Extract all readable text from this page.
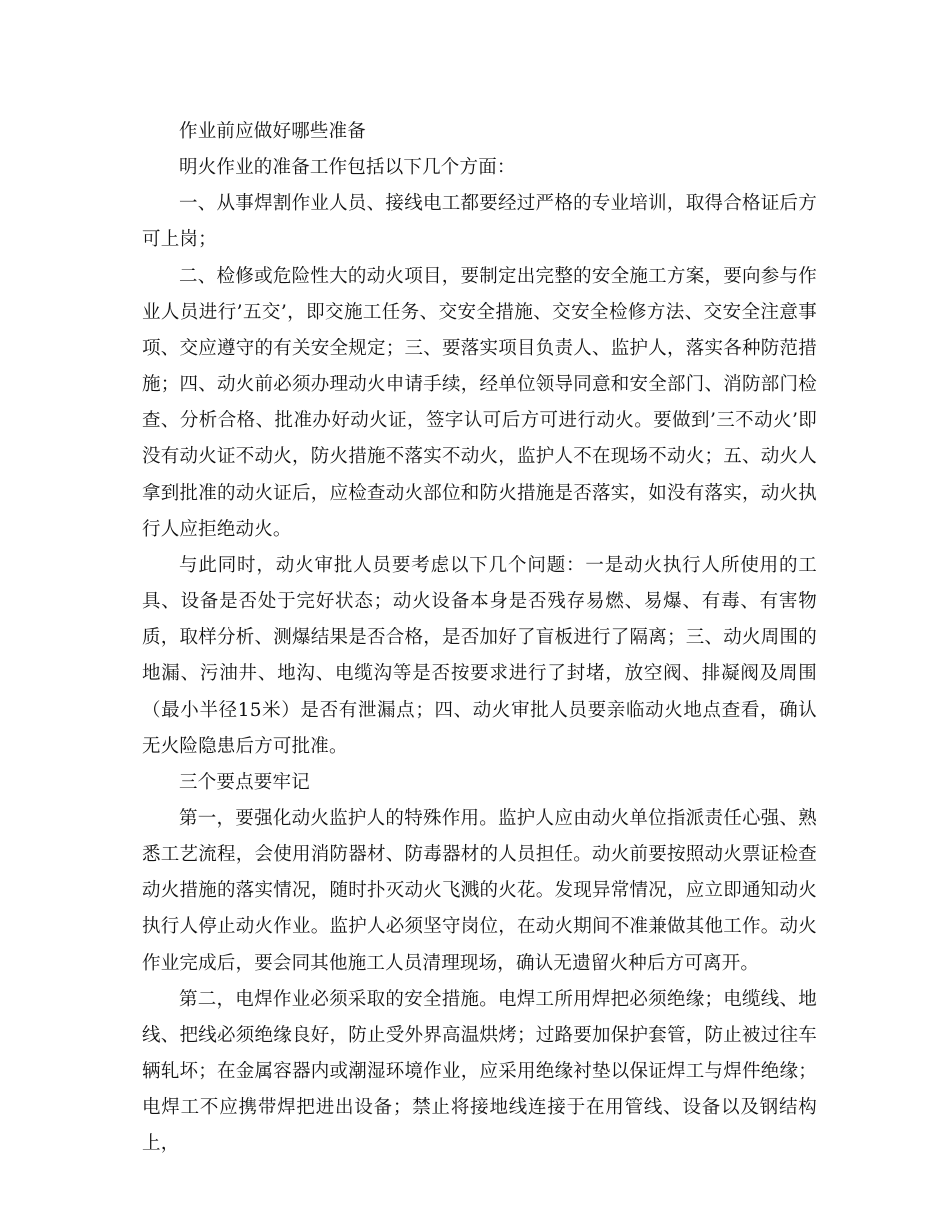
作业前应做好哪些准备

明火作业的准备工作包括以下几个方面：

一、从事焊割作业人员、接线电工都要经过严格的专业培训，取得合格证后方可上岗；

二、检修或危险性大的动火项目，要制定出完整的安全施工方案，要向参与作业人员进行’五交’，即交施工任务、交安全措施、交安全检修方法、交安全注意事项、交应遵守的有关安全规定；三、要落实项目负责人、监护人，落实各种防范措施；四、动火前必须办理动火申请手续，经单位领导同意和安全部门、消防部门检查、分析合格、批准办好动火证，签字认可后方可进行动火。要做到’三不动火’即没有动火证不动火，防火措施不落实不动火，监护人不在现场不动火；五、动火人拿到批准的动火证后，应检查动火部位和防火措施是否落实，如没有落实，动火执行人应拒绝动火。

与此同时，动火审批人员要考虑以下几个问题：一是动火执行人所使用的工具、设备是否处于完好状态；动火设备本身是否残存易燃、易爆、有毒、有害物质，取样分析、测爆结果是否合格，是否加好了盲板进行了隔离；三、动火周围的地漏、污油井、地沟、电缆沟等是否按要求进行了封堵，放空阀、排凝阀及周围（最小半径15米）是否有泄漏点；四、动火审批人员要亲临动火地点查看，确认无火险隐患后方可批准。

三个要点要牢记

第一，要强化动火监护人的特殊作用。监护人应由动火单位指派责任心强、熟悉工艺流程，会使用消防器材、防毒器材的人员担任。动火前要按照动火票证检查动火措施的落实情况，随时扑灭动火飞溅的火花。发现异常情况，应立即通知动火执行人停止动火作业。监护人必须坚守岗位，在动火期间不准兼做其他工作。动火作业完成后，要会同其他施工人员清理现场，确认无遗留火种后方可离开。

第二，电焊作业必须采取的安全措施。电焊工所用焊把必须绝缘；电缆线、地线、把线必须绝缘良好，防止受外界高温烘烤；过路要加保护套管，防止被过往车辆轧坏；在金属容器内或潮湿环境作业，应采用绝缘衬垫以保证焊工与焊件绝缘；电焊工不应携带焊把进出设备；禁止将接地线连接于在用管线、设备以及钢结构上，
